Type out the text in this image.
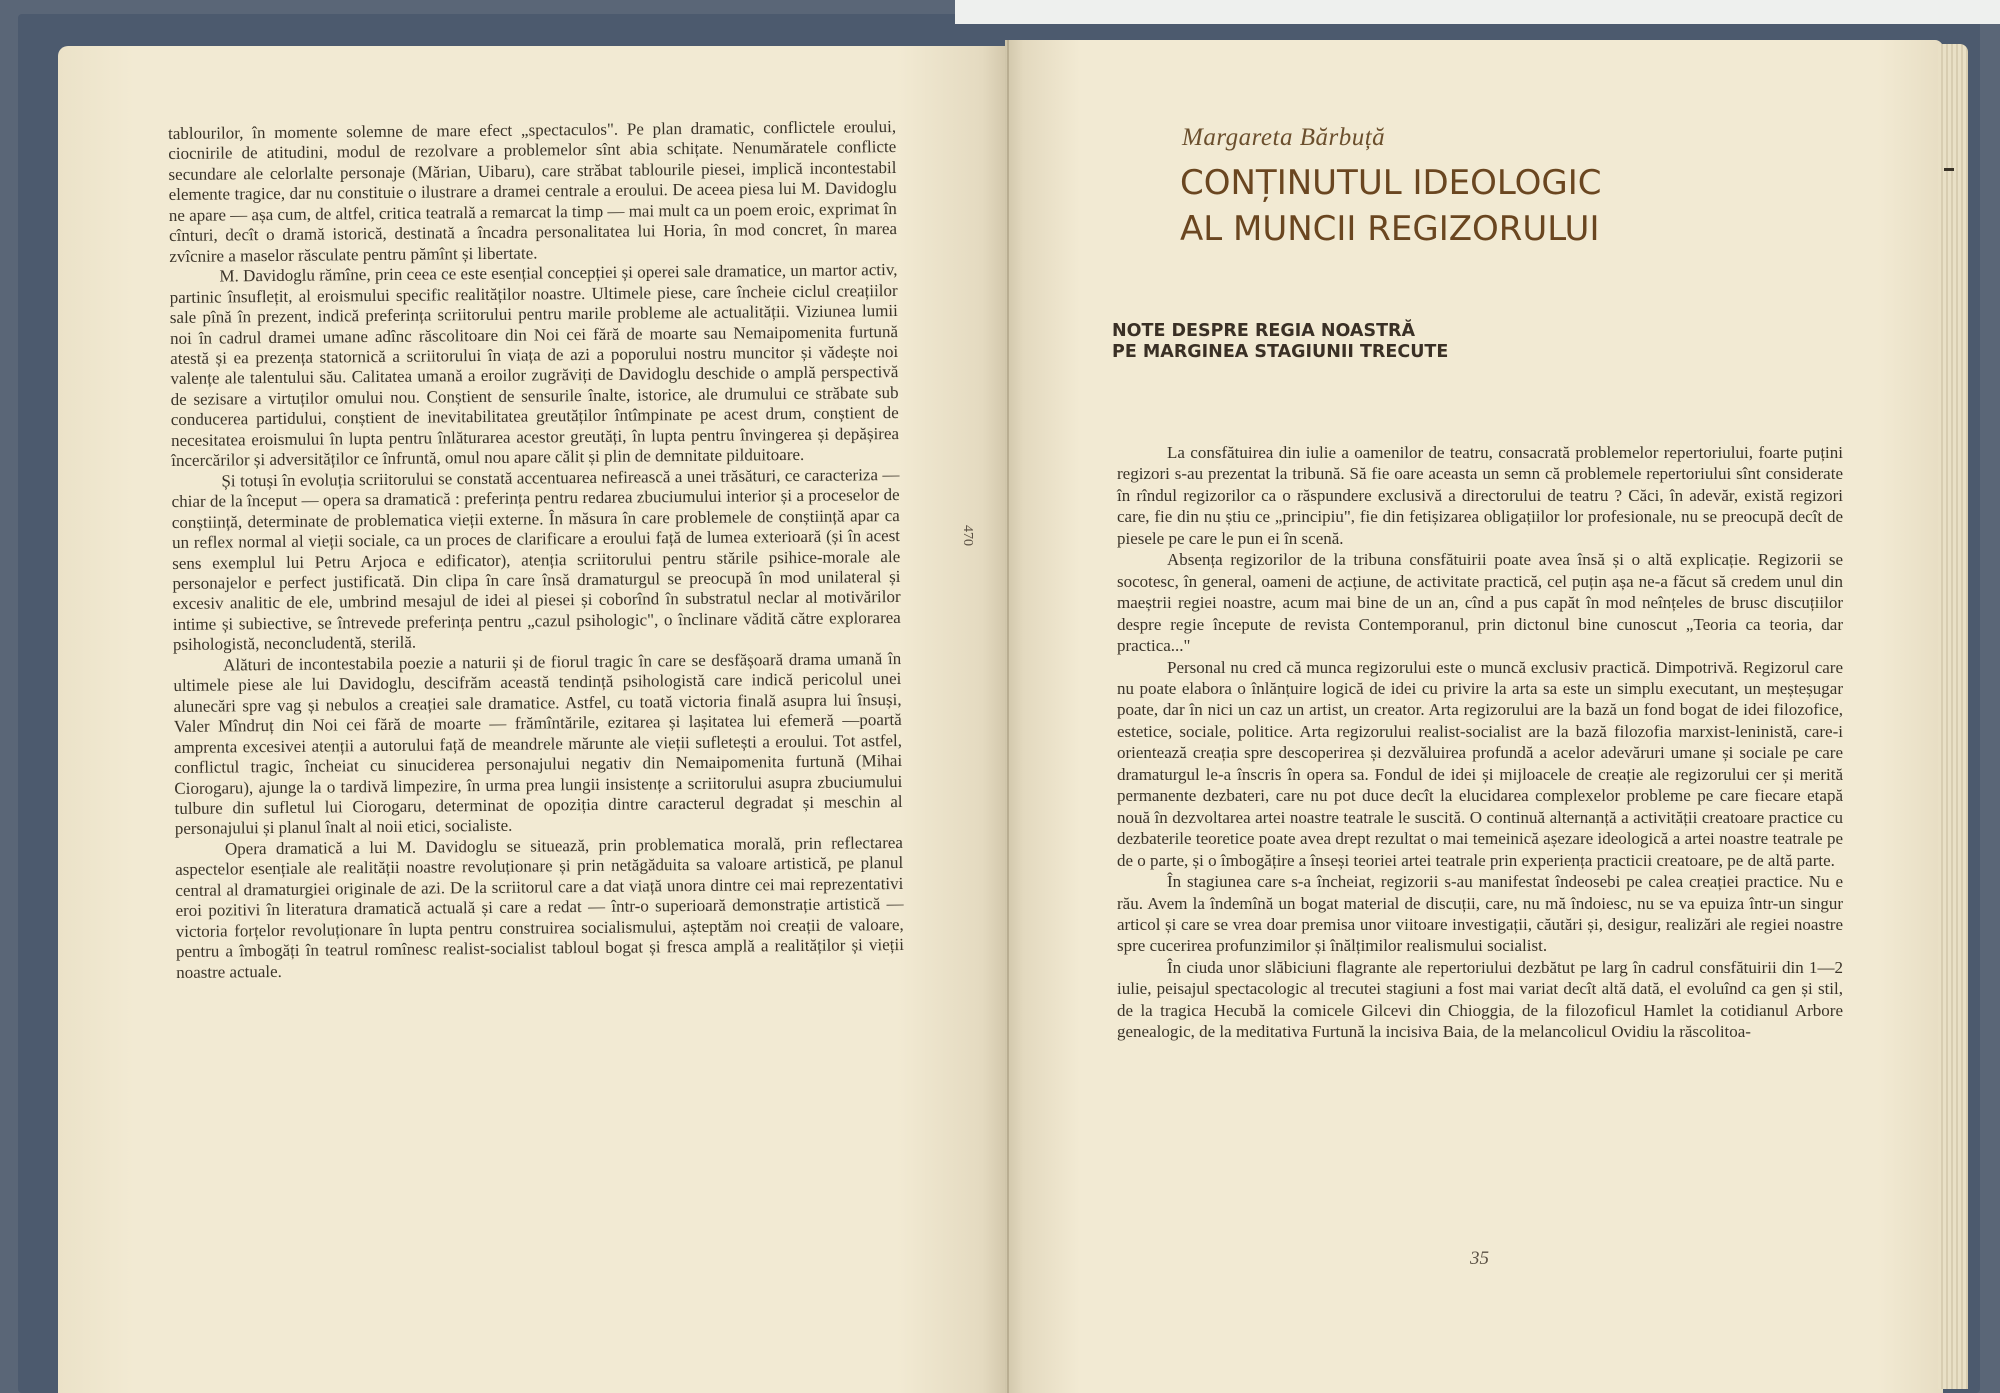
tablourilor, în momente solemne de mare efect „spectaculos". Pe plan dramatic, conflictele eroului, ciocnirile de atitudini, modul de rezolvare a problemelor sînt abia schițate. Nenumăratele conflicte secundare ale celorlalte personaje (Mărian, Uibaru), care străbat tablourile piesei, implică incontestabil elemente tragice, dar nu constituie o ilustrare a dramei centrale a eroului. De aceea piesa lui M. Davidoglu ne apare — așa cum, de altfel, critica teatrală a remarcat la timp — mai mult ca un poem eroic, exprimat în cînturi, decît o dramă istorică, destinată a încadra personalitatea lui Horia, în mod concret, în marea zvîcnire a maselor răsculate pentru pămînt și libertate.

M. Davidoglu rămîne, prin ceea ce este esențial concepției și operei sale dramatice, un martor activ, partinic însuflețit, al eroismului specific realităților noastre. Ultimele piese, care încheie ciclul creațiilor sale pînă în prezent, indică preferința scriitorului pentru marile probleme ale actualității. Viziunea lumii noi în cadrul dramei umane adînc răscolitoare din Noi cei fără de moarte sau Nemaipomenita furtună atestă și ea prezența statornică a scriitorului în viața de azi a poporului nostru muncitor și vădește noi valențe ale talentului său. Calitatea umană a eroilor zugrăviți de Davidoglu deschide o amplă perspectivă de sezisare a virtuților omului nou. Conștient de sensurile înalte, istorice, ale drumului ce străbate sub conducerea partidului, conștient de inevitabilitatea greutăților întîmpinate pe acest drum, conștient de necesitatea eroismului în lupta pentru înlăturarea acestor greutăți, în lupta pentru învingerea și depășirea încercărilor și adversităților ce înfruntă, omul nou apare călit și plin de demnitate pilduitoare.

Și totuși în evoluția scriitorului se constată accentuarea nefirească a unei trăsături, ce caracteriza — chiar de la început — opera sa dramatică : preferința pentru redarea zbuciumului interior și a proceselor de conștiință, determinate de problematica vieții externe. În măsura în care problemele de conștiință apar ca un reflex normal al vieții sociale, ca un proces de clarificare a eroului față de lumea exterioară (și în acest sens exemplul lui Petru Arjoca e edificator), atenția scriitorului pentru stările psihice-morale ale personajelor e perfect justificată. Din clipa în care însă dramaturgul se preocupă în mod unilateral și excesiv analitic de ele, umbrind mesajul de idei al piesei și coborînd în substratul neclar al motivărilor intime și subiective, se întrevede preferința pentru „cazul psihologic", o înclinare vădită către explorarea psihologistă, neconcludentă, sterilă.

Alături de incontestabila poezie a naturii și de fiorul tragic în care se desfășoară drama umană în ultimele piese ale lui Davidoglu, descifrăm această tendință psihologistă care indică pericolul unei alunecări spre vag și nebulos a creației sale dramatice. Astfel, cu toată victoria finală asupra lui însuși, Valer Mîndruț din Noi cei fără de moarte — frămîntările, ezitarea și lașitatea lui efemeră —poartă amprenta excesivei atenții a autorului față de meandrele mărunte ale vieții sufletești a eroului. Tot astfel, conflictul tragic, încheiat cu sinuciderea personajului negativ din Nemaipomenita furtună (Mihai Ciorogaru), ajunge la o tardivă limpezire, în urma prea lungii insistențe a scriitorului asupra zbuciumului tulbure din sufletul lui Ciorogaru, determinat de opoziția dintre caracterul degradat și meschin al personajului și planul înalt al noii etici, socialiste.

Opera dramatică a lui M. Davidoglu se situează, prin problematica morală, prin reflectarea aspectelor esențiale ale realității noastre revoluționare și prin netăgăduita sa valoare artistică, pe planul central al dramaturgiei originale de azi. De la scriitorul care a dat viață unora dintre cei mai reprezentativi eroi pozitivi în literatura dramatică actuală și care a redat — într-o superioară demonstrație artistică — victoria forțelor revoluționare în lupta pentru construirea socialismului, așteptăm noi creații de valoare, pentru a îmbogăți în teatrul romînesc realist-socialist tabloul bogat și fresca amplă a realităților și vieții noastre actuale.

470
Margareta Bărbuță
CONȚINUTUL IDEOLOGIC
AL MUNCII REGIZORULUI
NOTE DESPRE REGIA NOASTRĂ
PE MARGINEA STAGIUNII TRECUTE

La consfătuirea din iulie a oamenilor de teatru, consacrată problemelor repertoriului, foarte puțini regizori s-au prezentat la tribună. Să fie oare aceasta un semn că problemele repertoriului sînt considerate în rîndul regizorilor ca o răspundere exclusivă a directorului de teatru ? Căci, în adevăr, există regizori care, fie din nu știu ce „principiu", fie din fetișizarea obligațiilor lor profesionale, nu se preocupă decît de piesele pe care le pun ei în scenă.

Absența regizorilor de la tribuna consfătuirii poate avea însă și o altă explicație. Regizorii se socotesc, în general, oameni de acțiune, de activitate practică, cel puțin așa ne-a făcut să credem unul din maeștrii regiei noastre, acum mai bine de un an, cînd a pus capăt în mod neînțeles de brusc discuțiilor despre regie începute de revista Contemporanul, prin dictonul bine cunoscut „Teoria ca teoria, dar practica..."

Personal nu cred că munca regizorului este o muncă exclusiv practică. Dimpotrivă. Regizorul care nu poate elabora o înlănțuire logică de idei cu privire la arta sa este un simplu executant, un meșteșugar poate, dar în nici un caz un artist, un creator. Arta regizorului are la bază un fond bogat de idei filozofice, estetice, sociale, politice. Arta regizorului realist-socialist are la bază filozofia marxist-leninistă, care-i orientează creația spre descoperirea și dezvăluirea profundă a acelor adevăruri umane și sociale pe care dramaturgul le-a înscris în opera sa. Fondul de idei și mijloacele de creație ale regizorului cer și merită permanente dezbateri, care nu pot duce decît la elucidarea complexelor probleme pe care fiecare etapă nouă în dezvoltarea artei noastre teatrale le suscită. O continuă alternanță a activității creatoare practice cu dezbaterile teoretice poate avea drept rezultat o mai temeinică așezare ideologică a artei noastre teatrale pe de o parte, și o îmbogățire a înseși teoriei artei teatrale prin experiența practicii creatoare, pe de altă parte.

În stagiunea care s-a încheiat, regizorii s-au manifestat îndeosebi pe calea creației practice. Nu e rău. Avem la îndemînă un bogat material de discuții, care, nu mă îndoiesc, nu se va epuiza într-un singur articol și care se vrea doar premisa unor viitoare investigații, căutări și, desigur, realizări ale regiei noastre spre cucerirea profunzimilor și înălțimilor realismului socialist.

În ciuda unor slăbiciuni flagrante ale repertoriului dezbătut pe larg în cadrul consfătuirii din 1—2 iulie, peisajul spectacologic al trecutei stagiuni a fost mai variat decît altă dată, el evoluînd ca gen și stil, de la tragica Hecubă la comicele Gilcevi din Chioggia, de la filozoficul Hamlet la cotidianul Arbore genealogic, de la meditativa Furtună la incisiva Baia, de la melancolicul Ovidiu la răscolitoa-

35
